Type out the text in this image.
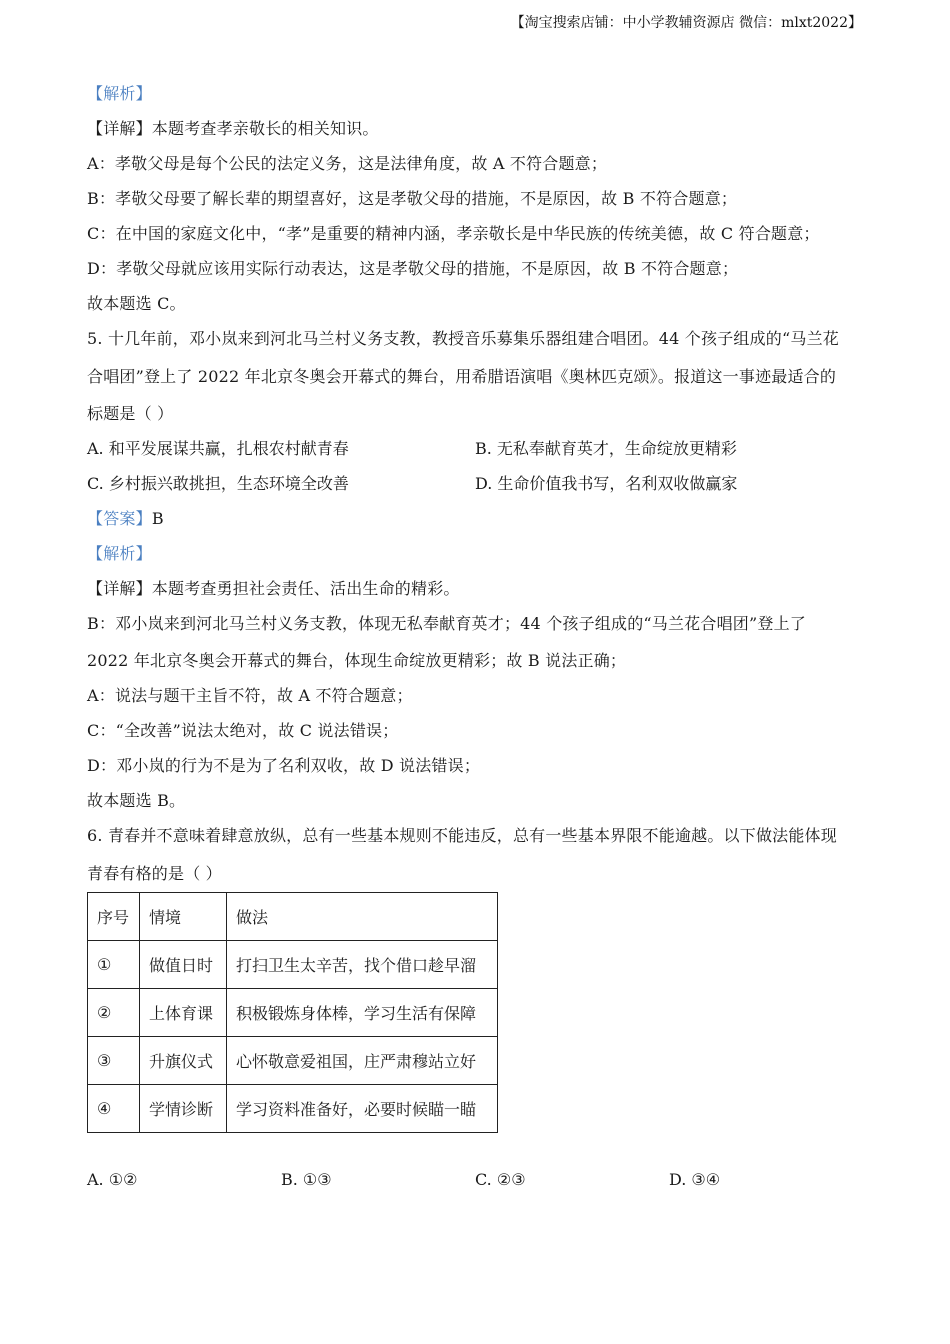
【淘宝搜索店铺：中小学教辅资源店 微信：mlxt2022】
【解析】
【详解】本题考查孝亲敬长的相关知识。
A：孝敬父母是每个公民的法定义务，这是法律角度，故 A 不符合题意；
B：孝敬父母要了解长辈的期望喜好，这是孝敬父母的措施，不是原因，故 B 不符合题意；
C：在中国的家庭文化中，“孝”是重要的精神内涵，孝亲敬长是中华民族的传统美德，故 C 符合题意；
D：孝敬父母就应该用实际行动表达，这是孝敬父母的措施，不是原因，故 B 不符合题意；
故本题选 C。
5. 十几年前，邓小岚来到河北马兰村义务支教，教授音乐募集乐器组建合唱团。44 个孩子组成的“马兰花
合唱团”登上了 2022 年北京冬奥会开幕式的舞台，用希腊语演唱《奥林匹克颂》。报道这一事迹最适合的
标题是（ ）
A. 和平发展谋共赢，扎根农村献青春	B. 无私奉献育英才，生命绽放更精彩
C. 乡村振兴敢挑担，生态环境全改善	D. 生命价值我书写，名利双收做赢家
【答案】B
【解析】
【详解】本题考查勇担社会责任、活出生命的精彩。
B：邓小岚来到河北马兰村义务支教，体现无私奉献育英才；44 个孩子组成的“马兰花合唱团”登上了
2022 年北京冬奥会开幕式的舞台，体现生命绽放更精彩；故 B 说法正确；
A：说法与题干主旨不符，故 A 不符合题意；
C：“全改善”说法太绝对，故 C 说法错误；
D：邓小岚的行为不是为了名利双收，故 D 说法错误；
故本题选 B。
6. 青春并不意味着肆意放纵，总有一些基本规则不能违反，总有一些基本界限不能逾越。以下做法能体现
青春有格的是（ ）
序号	情境	做法
①	做值日时	打扫卫生太辛苦，找个借口趁早溜
②	上体育课	积极锻炼身体棒，学习生活有保障
③	升旗仪式	心怀敬意爱祖国，庄严肃穆站立好
④	学情诊断	学习资料准备好，必要时候瞄一瞄
A. ①②	B. ①③	C. ②③	D. ③④
